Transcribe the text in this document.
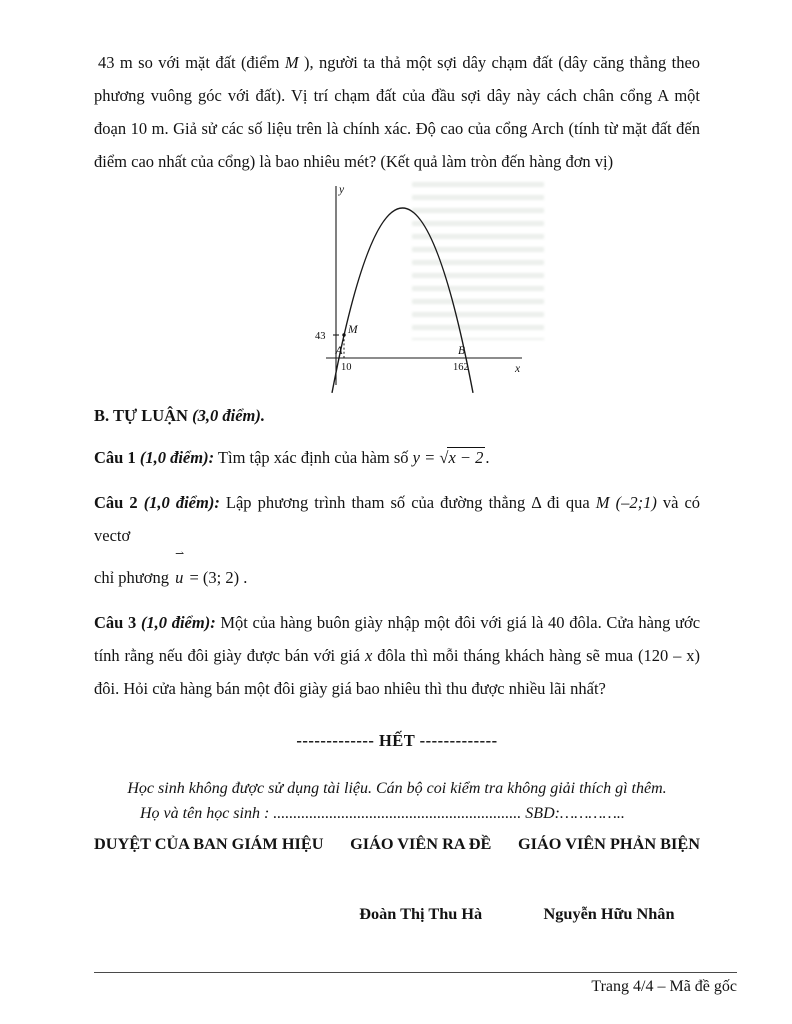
43 m so với mặt đất (điểm M ), người ta thả một sợi dây chạm đất (dây căng thẳng theo phương vuông góc với đất). Vị trí chạm đất của đầu sợi dây này cách chân cổng A một đoạn 10 m. Giả sử các số liệu trên là chính xác. Độ cao của cổng Arch (tính từ mặt đất đến điểm cao nhất của cổng) là bao nhiêu mét? (Kết quả làm tròn đến hàng đơn vị)

y
x
43
M
A	B
10	162

B. TỰ LUẬN (3,0 điểm).

Câu 1 (1,0 điểm): Tìm tập xác định của hàm số y = √x − 2 .

Câu 2 (1,0 điểm): Lập phương trình tham số của đường thẳng Δ đi qua M (–2;1) và có vectơ
chỉ phương
⇀
u = (3; 2) .

Câu 3 (1,0 điểm): Một của hàng buôn giày nhập một đôi với giá là 40 đôla. Cửa hàng ước tính rằng nếu đôi giày được bán với giá x đôla thì mỗi tháng khách hàng sẽ mua (120 – x) đôi. Hỏi cửa hàng bán một đôi giày giá bao nhiêu thì thu được nhiều lãi nhất?

------------- HẾT -------------

Học sinh không được sử dụng tài liệu. Cán bộ coi kiểm tra không giải thích gì thêm.

Họ và tên học sinh : .............................................................. SBD:…………..

DUYỆT CỦA BAN GIÁM HIỆU GIÁO VIÊN RA ĐỀ
Đoàn Thị Thu Hà
GIÁO VIÊN PHẢN BIỆN
Nguyễn Hữu Nhân
Trang 4/4 – Mã đề gốc
